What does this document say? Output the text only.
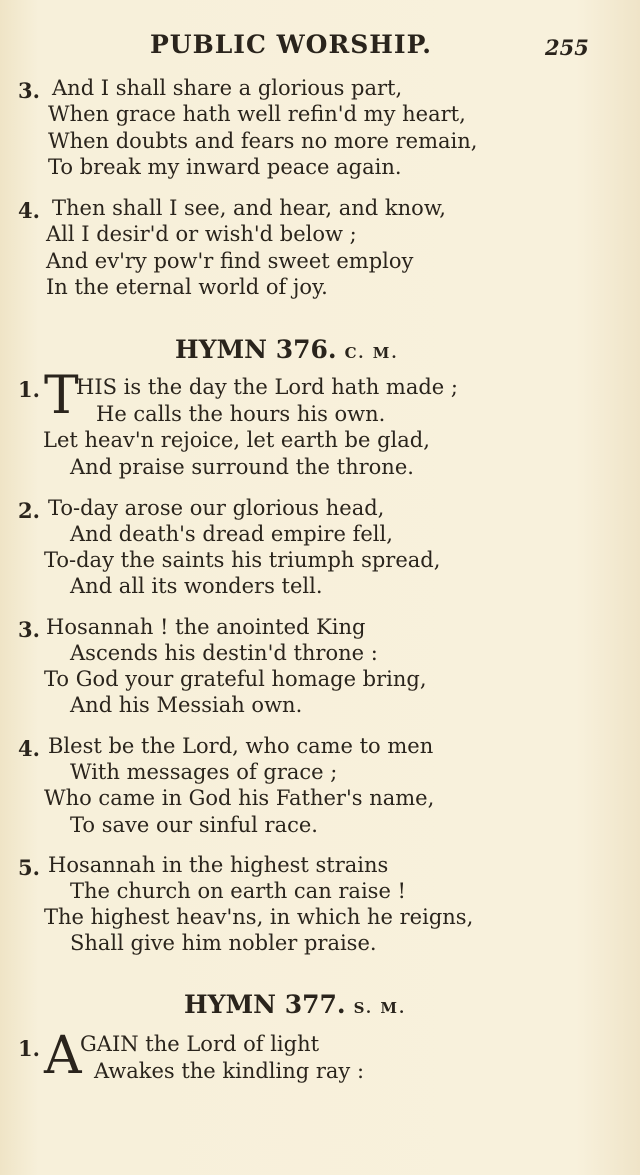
PUBLIC WORSHIP.	255
3. And I shall share a glorious part,
When grace hath well refin'd my heart,
When doubts and fears no more remain,
To break my inward peace again.
4. Then shall I see, and hear, and know,
All I desir'd or wish'd below ;
And ev'ry pow'r find sweet employ
In the eternal world of joy.
HYMN 376. C. M.
1. T
HIS is the day the Lord hath made ;
He calls the hours his own.
Let heav'n rejoice, let earth be glad,
And praise surround the throne.
2. To-day arose our glorious head,
And death's dread empire fell,
To-day the saints his triumph spread,
And all its wonders tell.
3. Hosannah ! the anointed King
Ascends his destin'd throne :
To God your grateful homage bring,
And his Messiah own.
4. Blest be the Lord, who came to men
With messages of grace ;
Who came in God his Father's name,
To save our sinful race.
5. Hosannah in the highest strains
The church on earth can raise !
The highest heav'ns, in which he reigns,
Shall give him nobler praise.
HYMN 377. S. M.
1. A
GAIN the Lord of light
Awakes the kindling ray :
